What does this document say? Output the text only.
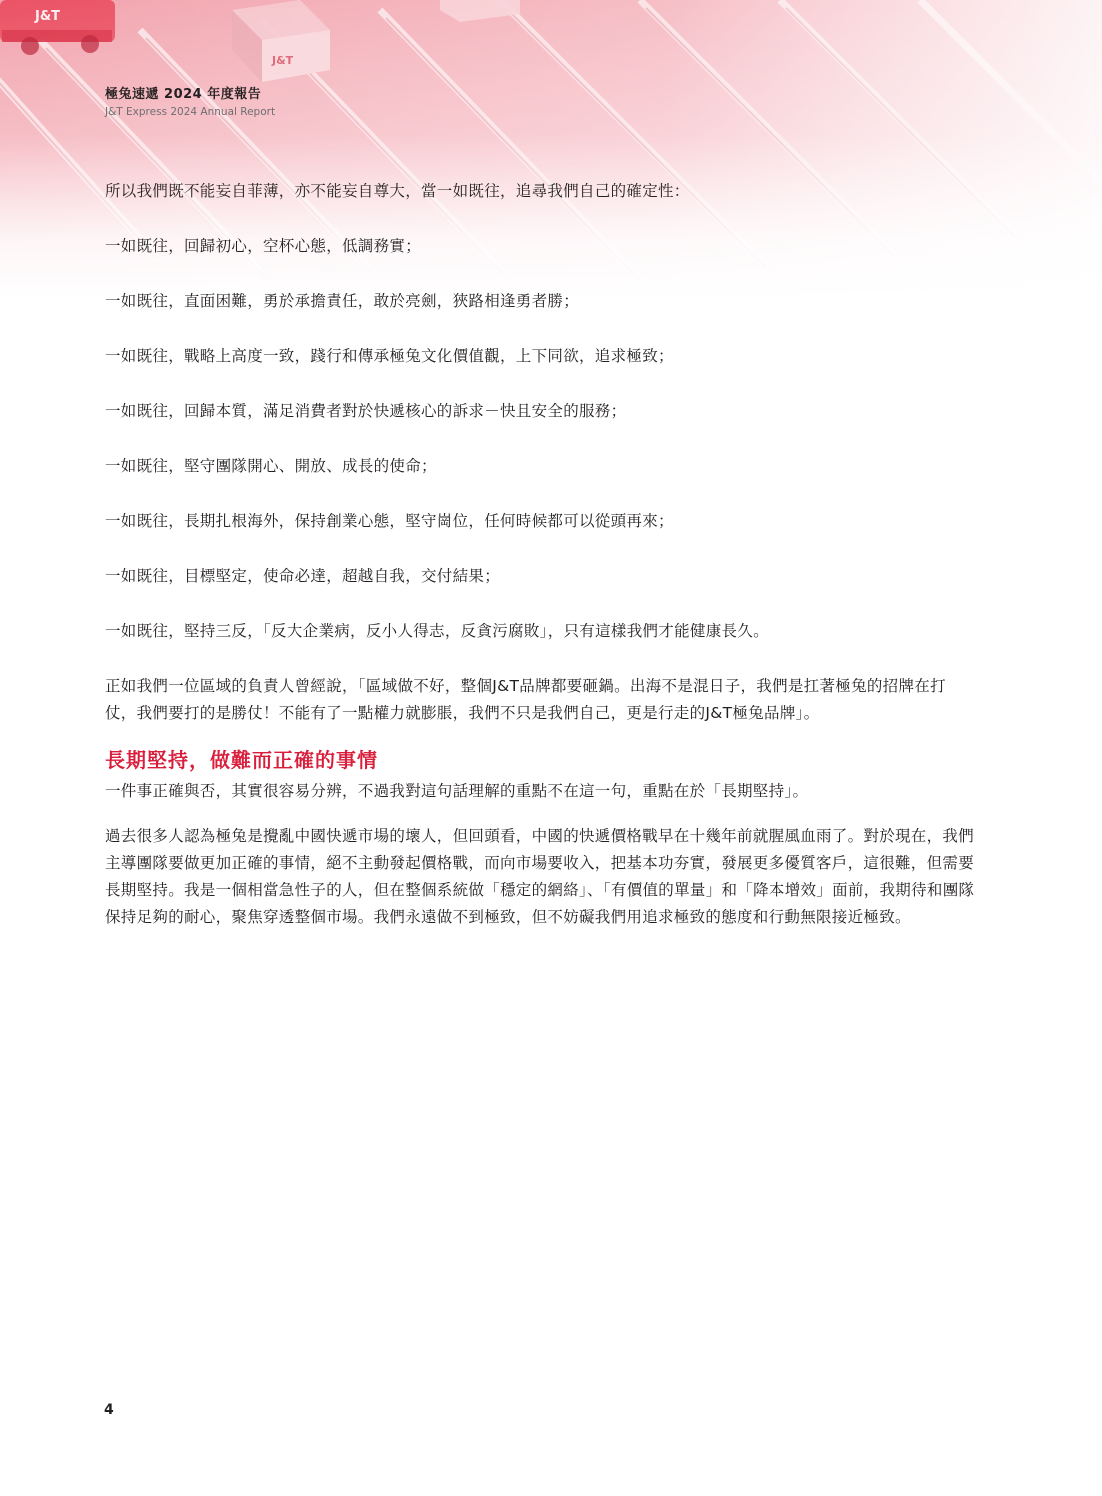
極兔速遞 2024 年度報告
J&T Express 2024 Annual Report

所以我們既不能妄自菲薄，亦不能妄自尊大，當一如既往，追尋我們自己的確定性：

一如既往，回歸初心，空杯心態，低調務實；

一如既往，直面困難，勇於承擔責任，敢於亮劍，狹路相逢勇者勝；

一如既往，戰略上高度一致，踐行和傳承極兔文化價值觀，上下同欲，追求極致；

一如既往，回歸本質，滿足消費者對於快遞核心的訴求－快且安全的服務；

一如既往，堅守團隊開心、開放、成長的使命；

一如既往，長期扎根海外，保持創業心態，堅守崗位，任何時候都可以從頭再來；

一如既往，目標堅定，使命必達，超越自我，交付結果；

一如既往，堅持三反，「反大企業病，反小人得志，反貪污腐敗」，只有這樣我們才能健康長久。

正如我們一位區域的負責人曾經說，「區域做不好，整個J&T品牌都要砸鍋。出海不是混日子，我們是扛著極兔的招牌在打仗，我們要打的是勝仗！不能有了一點權力就膨脹，我們不只是我們自己，更是行走的J&T極兔品牌」。

長期堅持，做難而正確的事情

一件事正確與否，其實很容易分辨，不過我對這句話理解的重點不在這一句，重點在於「長期堅持」。

過去很多人認為極兔是攪亂中國快遞市場的壞人，但回頭看，中國的快遞價格戰早在十幾年前就腥風血雨了。對於現在，我們主導團隊要做更加正確的事情，絕不主動發起價格戰，而向市場要收入，把基本功夯實，發展更多優質客戶，這很難，但需要長期堅持。我是一個相當急性子的人，但在整個系統做「穩定的網絡」、「有價值的單量」和「降本增效」面前，我期待和團隊保持足夠的耐心，聚焦穿透整個市場。我們永遠做不到極致，但不妨礙我們用追求極致的態度和行動無限接近極致。

4
